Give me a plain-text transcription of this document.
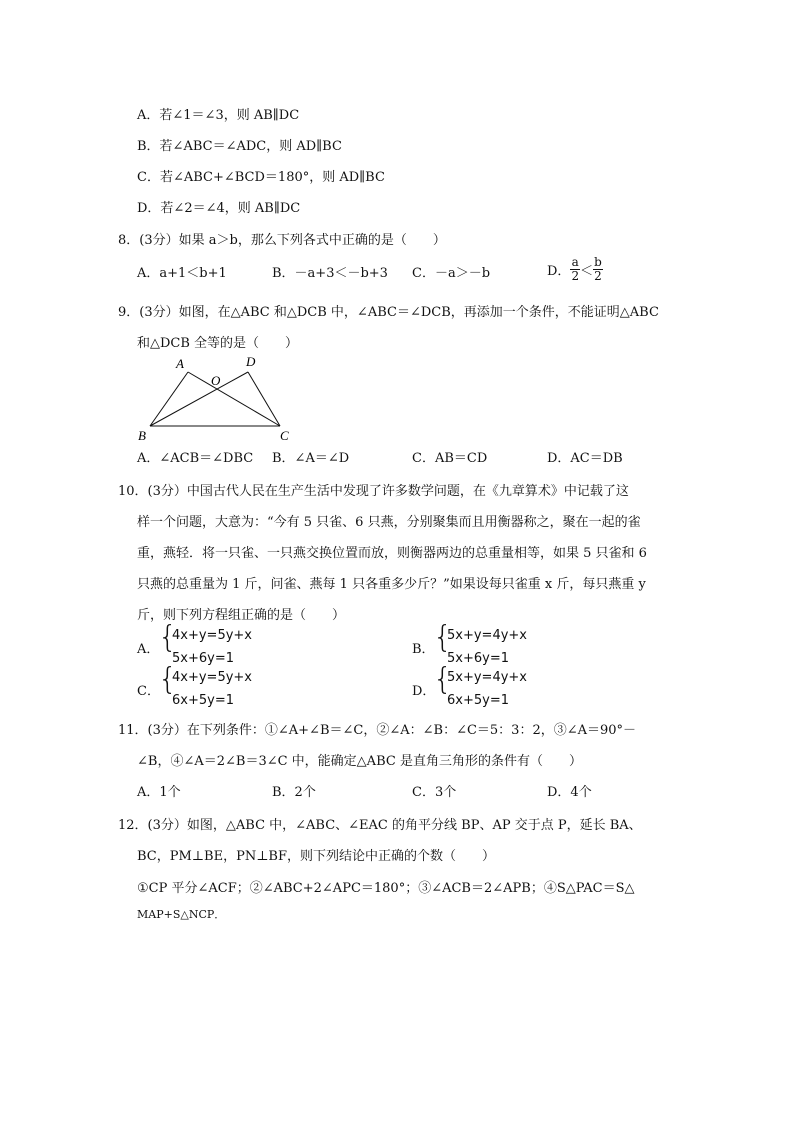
A．若∠1＝∠3，则 AB∥DC
B．若∠ABC＝∠ADC，则 AD∥BC
C．若∠ABC+∠BCD＝180°，则 AD∥BC
D．若∠2＝∠4，则 AB∥DC
8．(3分）如果 a＞b，那么下列各式中正确的是（　　）
A．a+1＜b+1	B．－a+3＜－b+3 C．－a＞－b	D． $\frac{a}{2} < \frac{b}{2}$
9．(3分）如图，在△ABC 和△DCB 中，∠ABC＝∠DCB，再添加一个条件，不能证明△ABC
和△DCB 全等的是（　　）
A	D
O
B	C
A．∠ACB＝∠DBC B．∠A＝∠D	C．AB＝CD	D．AC＝DB
10．(3分）中国古代人民在生产生活中发现了许多数学问题，在《九章算术》中记载了这
样一个问题，大意为：“今有 5 只雀、6 只燕，分别聚集而且用衡器称之，聚在一起的雀
重，燕轻．将一只雀、一只燕交换位置而放，则衡器两边的总重量相等，如果 5 只雀和 6
只燕的总重量为 1 斤，问雀、燕每 1 只各重多少斤？”如果设每只雀重 x 斤，每只燕重 y
斤，则下列方程组正确的是（　　）
A．
{
4x+y=5y+x
5x+6y=1
B．
{
5x+y=4y+x
5x+6y=1
C．
{
4x+y=5y+x
6x+5y=1
D．
{
5x+y=4y+x
6x+5y=1
11．(3分）在下列条件：①∠A+∠B＝∠C，②∠A：∠B：∠C＝5：3：2，③∠A＝90°－
∠B，④∠A＝2∠B＝3∠C 中，能确定△ABC 是直角三角形的条件有（　　）
A．1个	B．2个	C．3个	D．4个
12．(3分）如图，△ABC 中，∠ABC、∠EAC 的角平分线 BP、AP 交于点 P，延长 BA、
BC，PM⊥BE，PN⊥BF，则下列结论中正确的个数（　　）
①CP 平分∠ACF；②∠ABC+2∠APC＝180°；③∠ACB＝2∠APB；④S△PAC＝S△
MAP+S△NCP．
